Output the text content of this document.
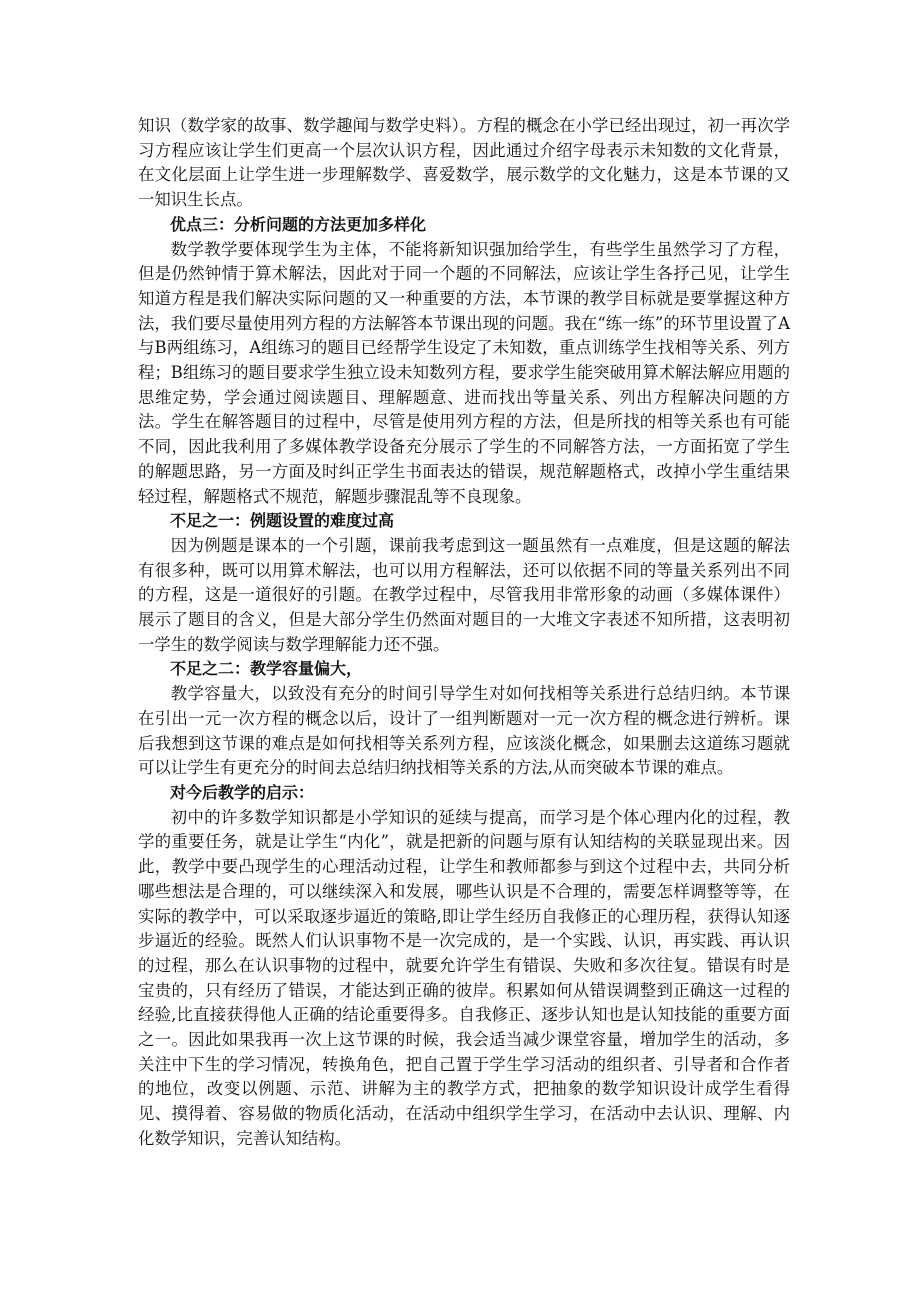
知识（数学家的故事、数学趣闻与数学史料）。方程的概念在小学已经出现过，初一再次学习方程应该让学生们更高一个层次认识方程，因此通过介绍字母表示未知数的文化背景，在文化层面上让学生进一步理解数学、喜爱数学，展示数学的文化魅力，这是本节课的又一知识生长点。

优点三：分析问题的方法更加多样化

数学教学要体现学生为主体，不能将新知识强加给学生，有些学生虽然学习了方程，但是仍然钟情于算术解法，因此对于同一个题的不同解法，应该让学生各抒己见，让学生知道方程是我们解决实际问题的又一种重要的方法，本节课的教学目标就是要掌握这种方法，我们要尽量使用列方程的方法解答本节课出现的问题。我在“练一练”的环节里设置了A与B两组练习，A组练习的题目已经帮学生设定了未知数，重点训练学生找相等关系、列方程；B组练习的题目要求学生独立设未知数列方程，要求学生能突破用算术解法解应用题的思维定势，学会通过阅读题目、理解题意、进而找出等量关系、列出方程解决问题的方法。学生在解答题目的过程中，尽管是使用列方程的方法，但是所找的相等关系也有可能不同，因此我利用了多媒体教学设备充分展示了学生的不同解答方法，一方面拓宽了学生的解题思路，另一方面及时纠正学生书面表达的错误，规范解题格式，改掉小学生重结果轻过程，解题格式不规范，解题步骤混乱等不良现象。

不足之一：例题设置的难度过高

因为例题是课本的一个引题，课前我考虑到这一题虽然有一点难度，但是这题的解法有很多种，既可以用算术解法，也可以用方程解法，还可以依据不同的等量关系列出不同的方程，这是一道很好的引题。在教学过程中，尽管我用非常形象的动画（多媒体课件）展示了题目的含义，但是大部分学生仍然面对题目的一大堆文字表述不知所措，这表明初一学生的数学阅读与数学理解能力还不强。

不足之二：教学容量偏大，

教学容量大，以致没有充分的时间引导学生对如何找相等关系进行总结归纳。本节课在引出一元一次方程的概念以后，设计了一组判断题对一元一次方程的概念进行辨析。课后我想到这节课的难点是如何找相等关系列方程，应该淡化概念，如果删去这道练习题就可以让学生有更充分的时间去总结归纳找相等关系的方法,从而突破本节课的难点。

对今后教学的启示：

初中的许多数学知识都是小学知识的延续与提高，而学习是个体心理内化的过程，教学的重要任务，就是让学生“内化”，就是把新的问题与原有认知结构的关联显现出来。因此，教学中要凸现学生的心理活动过程，让学生和教师都参与到这个过程中去，共同分析哪些想法是合理的，可以继续深入和发展，哪些认识是不合理的，需要怎样调整等等，在实际的教学中，可以采取逐步逼近的策略,即让学生经历自我修正的心理历程，获得认知逐步逼近的经验。既然人们认识事物不是一次完成的，是一个实践、认识，再实践、再认识的过程，那么在认识事物的过程中，就要允许学生有错误、失败和多次往复。错误有时是宝贵的，只有经历了错误，才能达到正确的彼岸。积累如何从错误调整到正确这一过程的经验,比直接获得他人正确的结论重要得多。自我修正、逐步认知也是认知技能的重要方面之一。因此如果我再一次上这节课的时候，我会适当减少课堂容量，增加学生的活动，多关注中下生的学习情况，转换角色，把自己置于学生学习活动的组织者、引导者和合作者的地位，改变以例题、示范、讲解为主的教学方式，把抽象的数学知识设计成学生看得见、摸得着、容易做的物质化活动，在活动中组织学生学习，在活动中去认识、理解、内化数学知识，完善认知结构。
